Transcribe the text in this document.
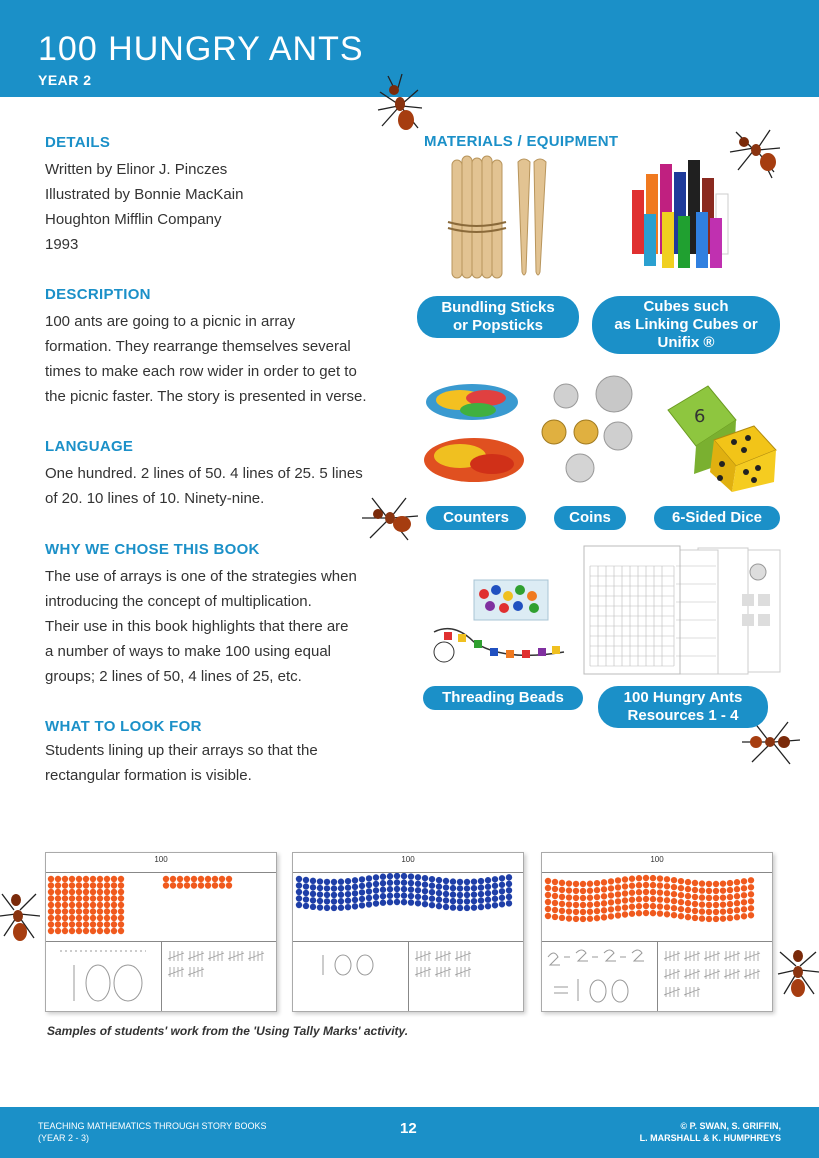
100 HUNGRY ANTS
YEAR 2
DETAILS
Written by Elinor J. Pinczes
Illustrated by Bonnie MacKain
Houghton Mifflin Company
1993
DESCRIPTION
100 ants are going to a picnic in array
formation. They rearrange themselves several
times to make each row wider in order to get to
the picnic faster. The story is presented in verse.
LANGUAGE
One hundred. 2 lines of 50. 4 lines of 25. 5 lines
of 20. 10 lines of 10. Ninety-nine.
WHY WE CHOSE THIS BOOK
The use of arrays is one of the strategies when
introducing the concept of multiplication.
Their use in this book highlights that there are
a number of ways to make 100 using equal
groups; 2 lines of 50, 4 lines of 25, etc.
WHAT TO LOOK FOR
Students lining up their arrays so that the
rectangular formation is visible.
MATERIALS / EQUIPMENT
Bundling Sticks
or Popsticks
Cubes such
as Linking Cubes or
Unifix ®
6
Counters	Coins	6-Sided Dice
Threading Beads	100 Hungry Ants
Resources 1 - 4
100	100	100
Samples of students' work from the 'Using Tally Marks' activity.
TEACHING MATHEMATICS THROUGH STORY BOOKS
(YEAR 2 - 3)
12	© P. SWAN, S. GRIFFIN,
L. MARSHALL & K. HUMPHREYS
